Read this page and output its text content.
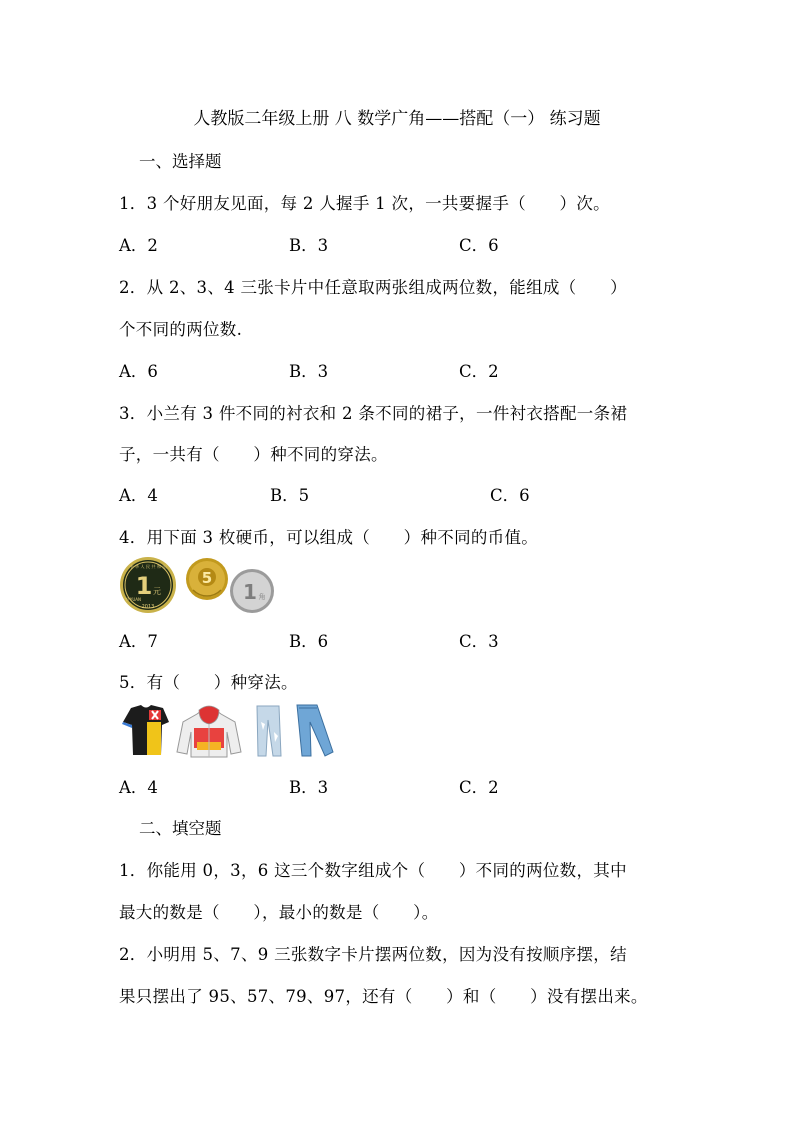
人教版二年级上册 八 数学广角——搭配（一） 练习题
一、选择题
1．3 个好朋友见面，每 2 人握手 1 次，一共要握手（　　）次。
A．2	B．3	C．6
2．从 2、3、4 三张卡片中任意取两张组成两位数，能组成（　　）
个不同的两位数.
A．6	B．3	C．2
3．小兰有 3 件不同的衬衣和 2 条不同的裙子，一件衬衣搭配一条裙
子，一共有（　　）种不同的穿法。
A．4	B．5	C．6
4．用下面 3 枚硬币，可以组成（　　）种不同的币值。
中 华 人 民 共 和 国
1 元
YI YUAN
2013
5
1 角
A．7	B．6	C．3
5．有（　　）种穿法。
A．4	B．3	C．2
二、填空题
1．你能用 0，3，6 这三个数字组成个（　　）不同的两位数，其中
最大的数是（　　），最小的数是（　　）。
2．小明用 5、7、9 三张数字卡片摆两位数，因为没有按顺序摆，结
果只摆出了 95、57、79、97，还有（　　）和（　　）没有摆出来。
